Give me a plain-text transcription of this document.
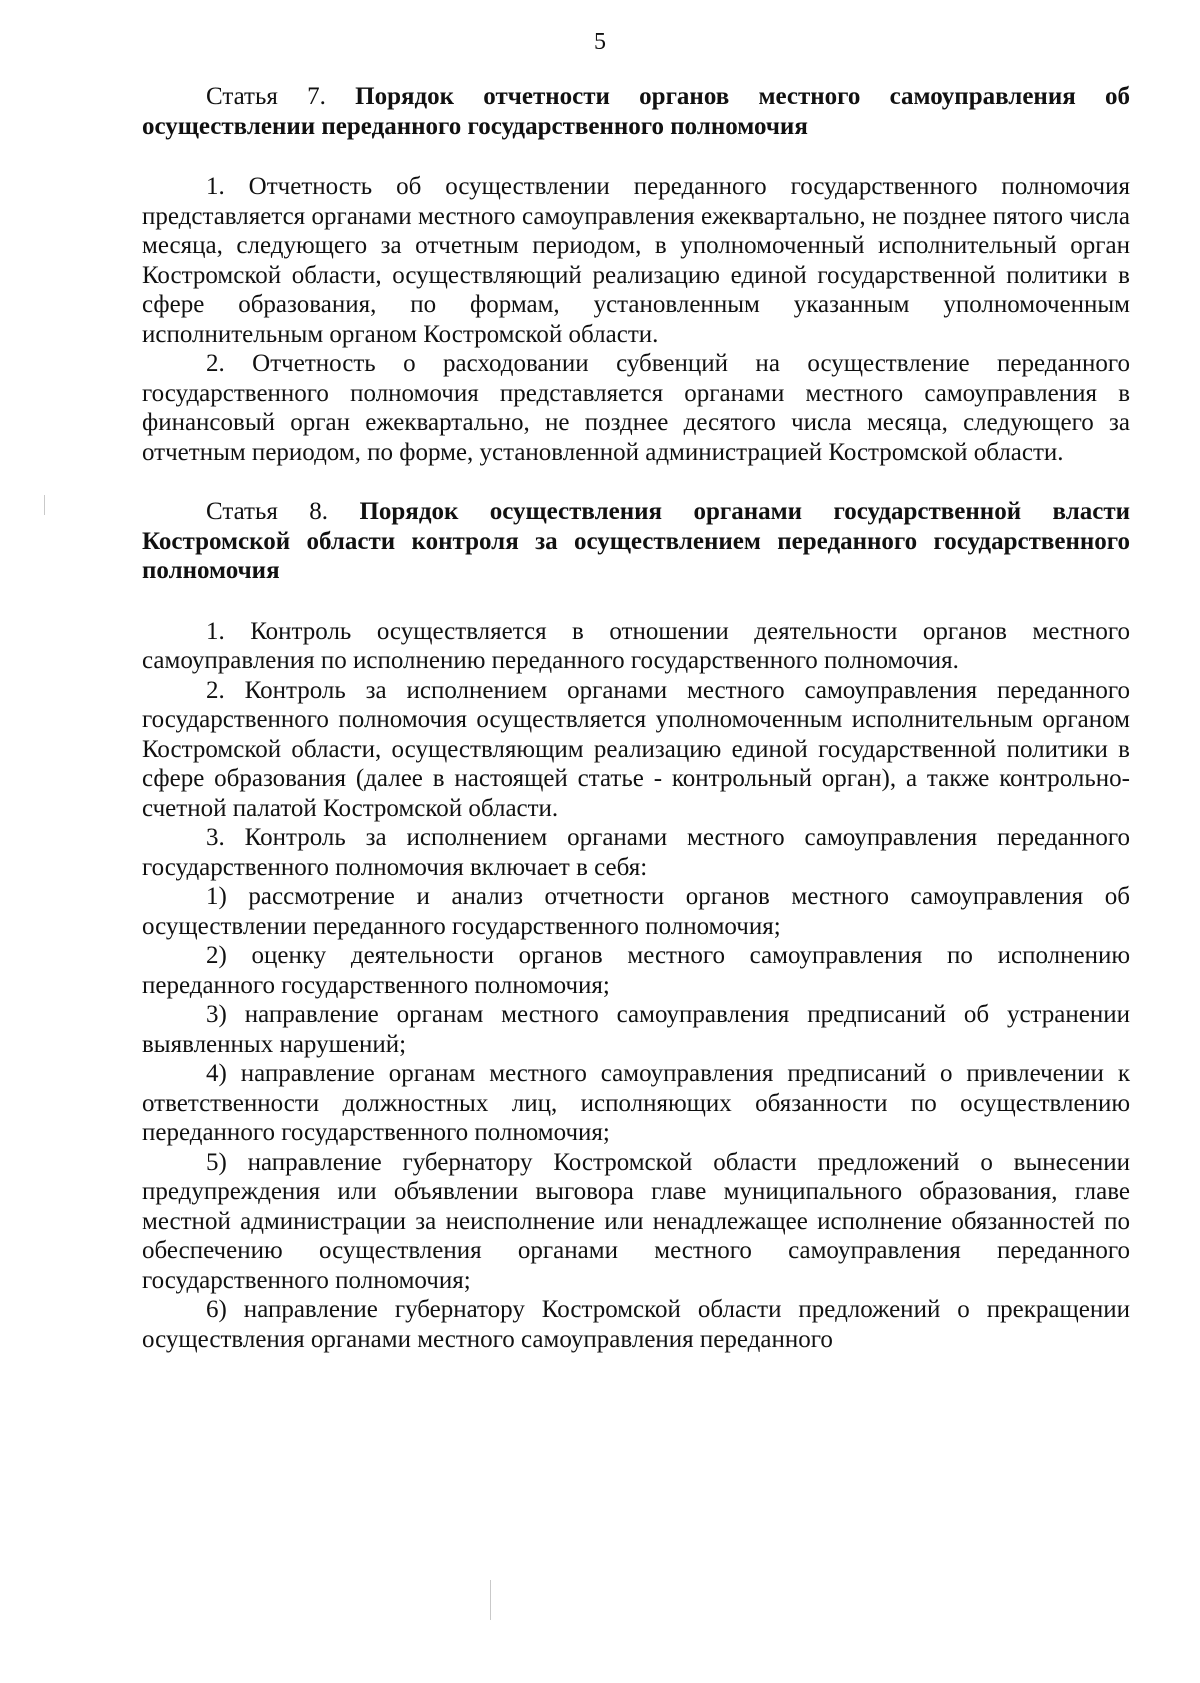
5

Статья 7. Порядок отчетности органов местного самоуправления об осуществлении переданного государственного полномочия

1. Отчетность об осуществлении переданного государственного полномочия представляется органами местного самоуправления ежеквартально, не позднее пятого числа месяца, следующего за отчетным периодом, в уполномоченный исполнительный орган Костромской области, осуществляющий реализацию единой государственной политики в сфере образования, по формам, установленным указанным уполномоченным исполнительным органом Костромской области.

2. Отчетность о расходовании субвенций на осуществление переданного государственного полномочия представляется органами местного самоуправления в финансовый орган ежеквартально, не позднее десятого числа месяца, следующего за отчетным периодом, по форме, установленной администрацией Костромской области.

Статья 8. Порядок осуществления органами государственной власти Костромской области контроля за осуществлением переданного государственного полномочия

1. Контроль осуществляется в отношении деятельности органов местного самоуправления по исполнению переданного государственного полномочия.

2. Контроль за исполнением органами местного самоуправления переданного государственного полномочия осуществляется уполномоченным исполнительным органом Костромской области, осуществляющим реализацию единой государственной политики в сфере образования (далее в настоящей статье - контрольный орган), а также контрольно-счетной палатой Костромской области.

3. Контроль за исполнением органами местного самоуправления переданного государственного полномочия включает в себя:

1) рассмотрение и анализ отчетности органов местного самоуправления об осуществлении переданного государственного полномочия;

2) оценку деятельности органов местного самоуправления по исполнению переданного государственного полномочия;

3) направление органам местного самоуправления предписаний об устранении выявленных нарушений;

4) направление органам местного самоуправления предписаний о привлечении к ответственности должностных лиц, исполняющих обязанности по осуществлению переданного государственного полномочия;

5) направление губернатору Костромской области предложений о вынесении предупреждения или объявлении выговора главе муниципального образования, главе местной администрации за неисполнение или ненадлежащее исполнение обязанностей по обеспечению осуществления органами местного самоуправления переданного государственного полномочия;

6) направление губернатору Костромской области предложений о прекращении осуществления органами местного самоуправления переданного
